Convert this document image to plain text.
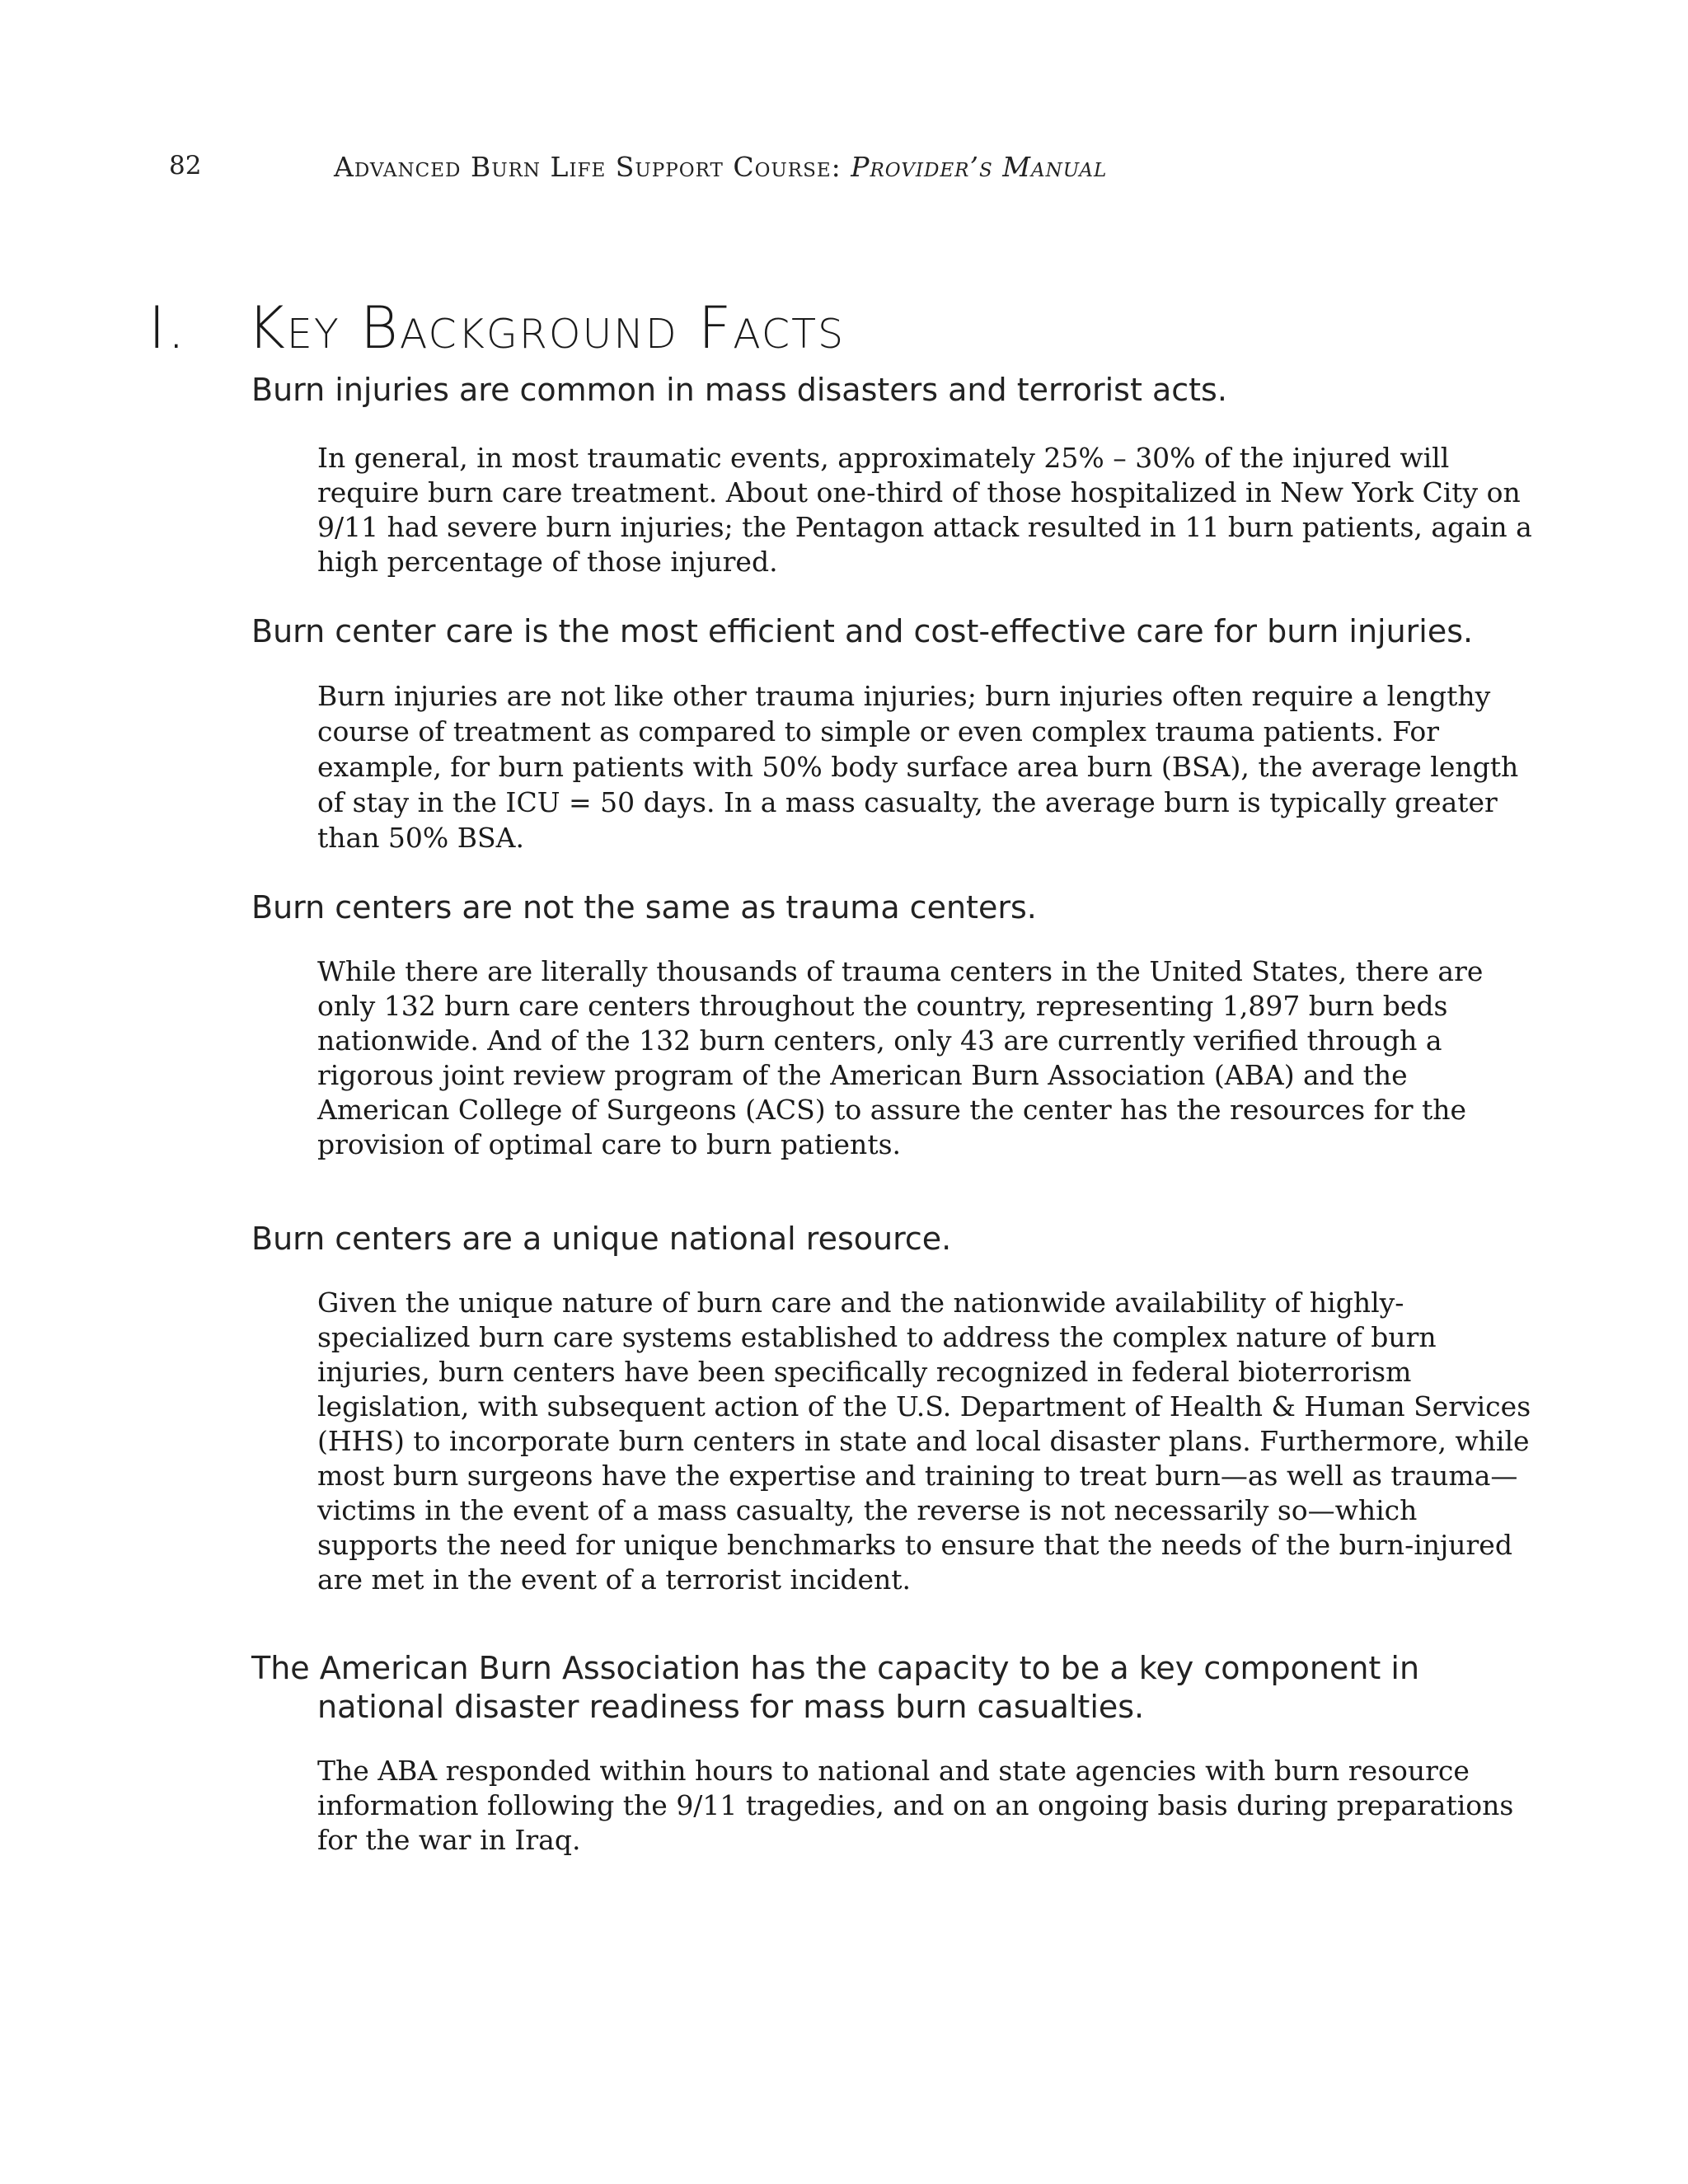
82	Advanced Burn Life Support Course: Provider’s Manual
I. Key Background Facts

Burn injuries are common in mass disasters and terrorist acts.

In general, in most traumatic events, approximately 25% – 30% of the injured will require burn care treatment. About one-third of those hospitalized in New York City on 9/11 had severe burn injuries; the Pentagon attack resulted in 11 burn patients, again a high percentage of those injured.

Burn center care is the most efficient and cost-effective care for burn injuries.

Burn injuries are not like other trauma injuries; burn injuries often require a lengthy course of treatment as compared to simple or even complex trauma patients. For example, for burn patients with 50% body surface area burn (BSA), the average length of stay in the ICU = 50 days. In a mass casualty, the average burn is typically greater than 50% BSA.

Burn centers are not the same as trauma centers.

While there are literally thousands of trauma centers in the United States, there are only 132 burn care centers throughout the country, representing 1,897 burn beds nationwide. And of the 132 burn centers, only 43 are currently verified through a rigorous joint review program of the American Burn Association (ABA) and the American College of Surgeons (ACS) to assure the center has the resources for the provision of optimal care to burn patients.

Burn centers are a unique national resource.

Given the unique nature of burn care and the nationwide availability of highly-specialized burn care systems established to address the complex nature of burn injuries, burn centers have been specifically recognized in federal bioterrorism legislation, with subsequent action of the U.S. Department of Health & Human Services (HHS) to incorporate burn centers in state and local disaster plans. Furthermore, while most burn surgeons have the expertise and training to treat burn—as well as trauma—victims in the event of a mass casualty, the reverse is not necessarily so—which supports the need for unique benchmarks to ensure that the needs of the burn-injured are met in the event of a terrorist incident.

The American Burn Association has the capacity to be a key component in national disaster readiness for mass burn casualties.

The ABA responded within hours to national and state agencies with burn resource information following the 9/11 tragedies, and on an ongoing basis during preparations for the war in Iraq.
